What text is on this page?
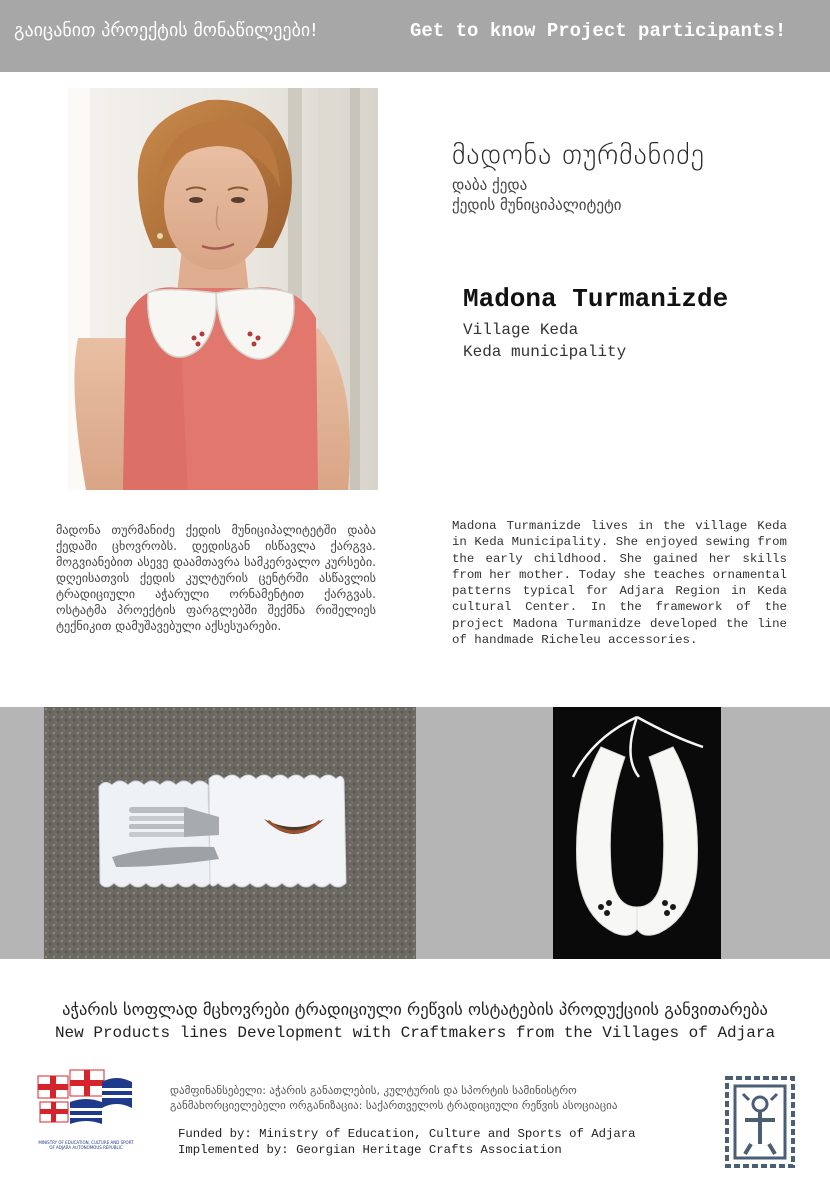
გაიცანით პროექტის მონაწილეები!	Get to know Project participants!
მადონა თურმანიძე
დაბა ქედა
ქედის მუნიციპალიტეტი
Madona Turmanizde
Village Keda
Keda municipality
მადონა თურმანიძე ქედის მუნიციპალიტეტში დაბა ქედაში ცხოვრობს. დედისგან ისწავლა ქარგვა. მოგვიანებით ასევე დაამთავრა სამკერვალო კურსები. დღეისათვის ქედის კულტურის ცენტრში ასწავლის ტრადიციული აჭარული ორნამენტით ქარგვას. ოსტატმა პროექტის ფარგლებში შექმნა რიშელიეს ტექნიკით დამუშავებული აქსესუარები.
Madona Turmanizde lives in the village Keda in Keda Municipality. She enjoyed sewing from the early childhood. She gained her skills from her mother. Today she teaches ornamental patterns typical for Adjara Region in Keda cultural Center. In the framework of the project Madona Turmanidze developed the line of handmade Richeleu accessories.
აჭარის სოფლად მცხოვრები ტრადიციული რეწვის ოსტატების პროდუქციის განვითარება
New Products lines Development with Craftmakers from the Villages of Adjara
MINISTRY OF EDUCATION, CULTURE AND SPORT OF ADJARA AUTONOMOUS REPUBLIC
დამფინანსებელი: აჭარის განათლების, კულტურის და სპორტის სამინისტრო
განმახორციელებელი ორგანიზაცია: საქართველოს ტრადიციული რეწვის ასოციაცია
Funded by: Ministry of Education, Culture and Sports of Adjara
Implemented by: Georgian Heritage Crafts Association
